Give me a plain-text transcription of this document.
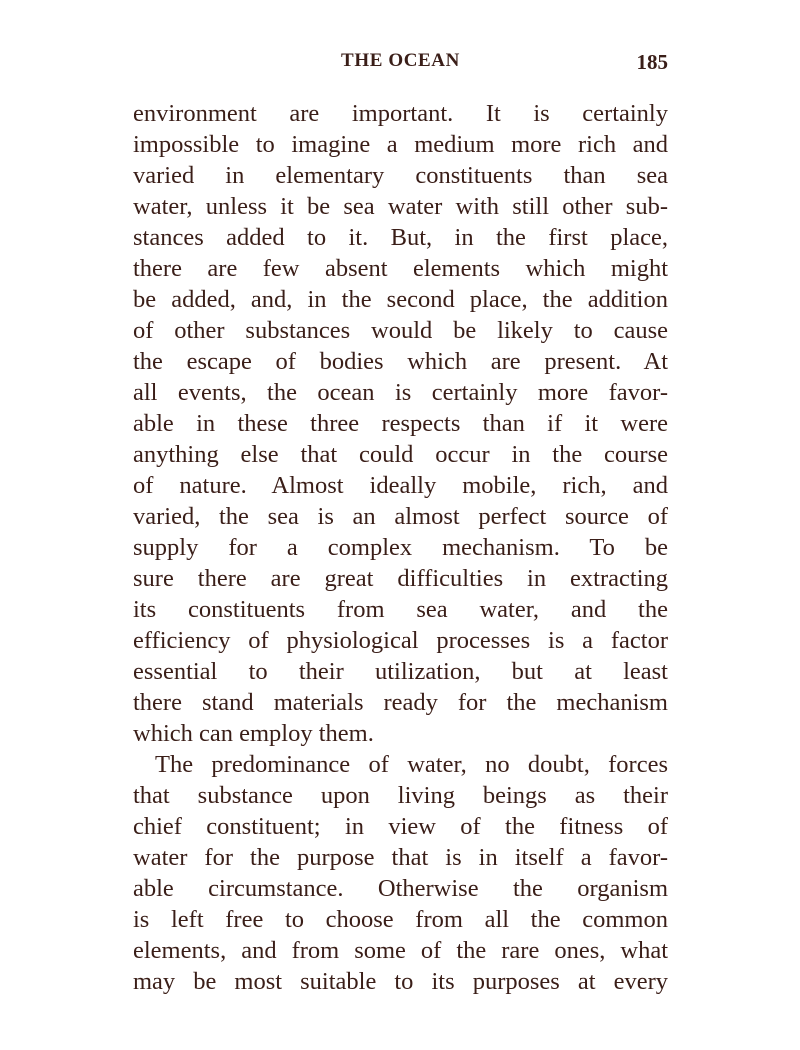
THE OCEAN	185
environment are important. It is certainly
impossible to imagine a medium more rich and
varied in elementary constituents than sea
water, unless it be sea water with still other sub-
stances added to it. But, in the first place,
there are few absent elements which might
be added, and, in the second place, the addition
of other substances would be likely to cause
the escape of bodies which are present. At
all events, the ocean is certainly more favor-
able in these three respects than if it were
anything else that could occur in the course
of nature. Almost ideally mobile, rich, and
varied, the sea is an almost perfect source of
supply for a complex mechanism. To be
sure there are great difficulties in extracting
its constituents from sea water, and the
efficiency of physiological processes is a factor
essential to their utilization, but at least
there stand materials ready for the mechanism
which can employ them.
The predominance of water, no doubt, forces
that substance upon living beings as their
chief constituent; in view of the fitness of
water for the purpose that is in itself a favor-
able circumstance. Otherwise the organism
is left free to choose from all the common
elements, and from some of the rare ones, what
may be most suitable to its purposes at every
